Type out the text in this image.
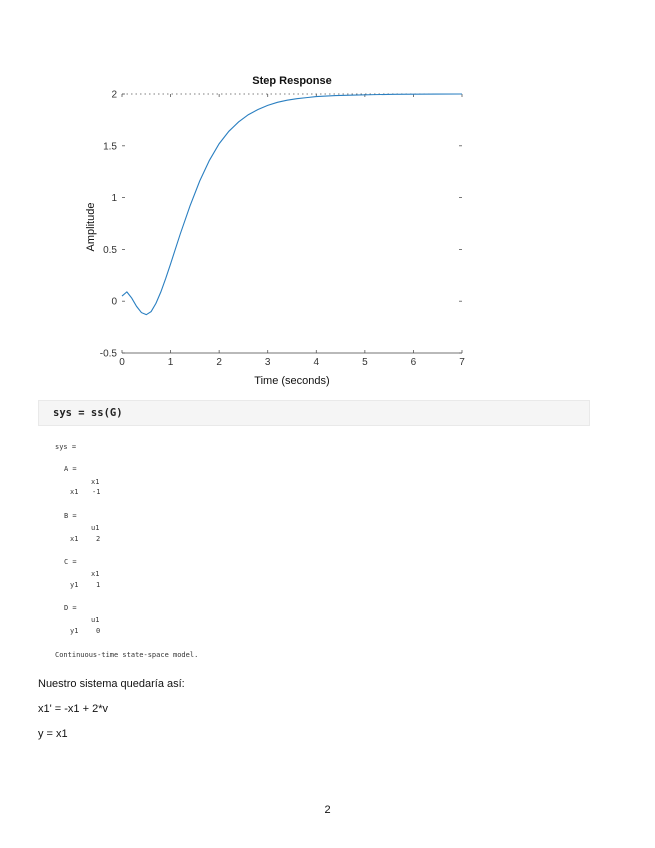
Step Response
Time (seconds)
Amplitude
0	1	2	3	4	5	6	7
-0.5
0
0.5
1
1.5
2
sys = ss(G)
sys =
A =
x1
x1 -1
B =
u1
x1	2
C =
x1
y1	1
D =
u1
y1	0
Continuous-time state-space model.
Nuestro sistema quedaría así:
x1' = -x1 + 2*v
y = x1
2
